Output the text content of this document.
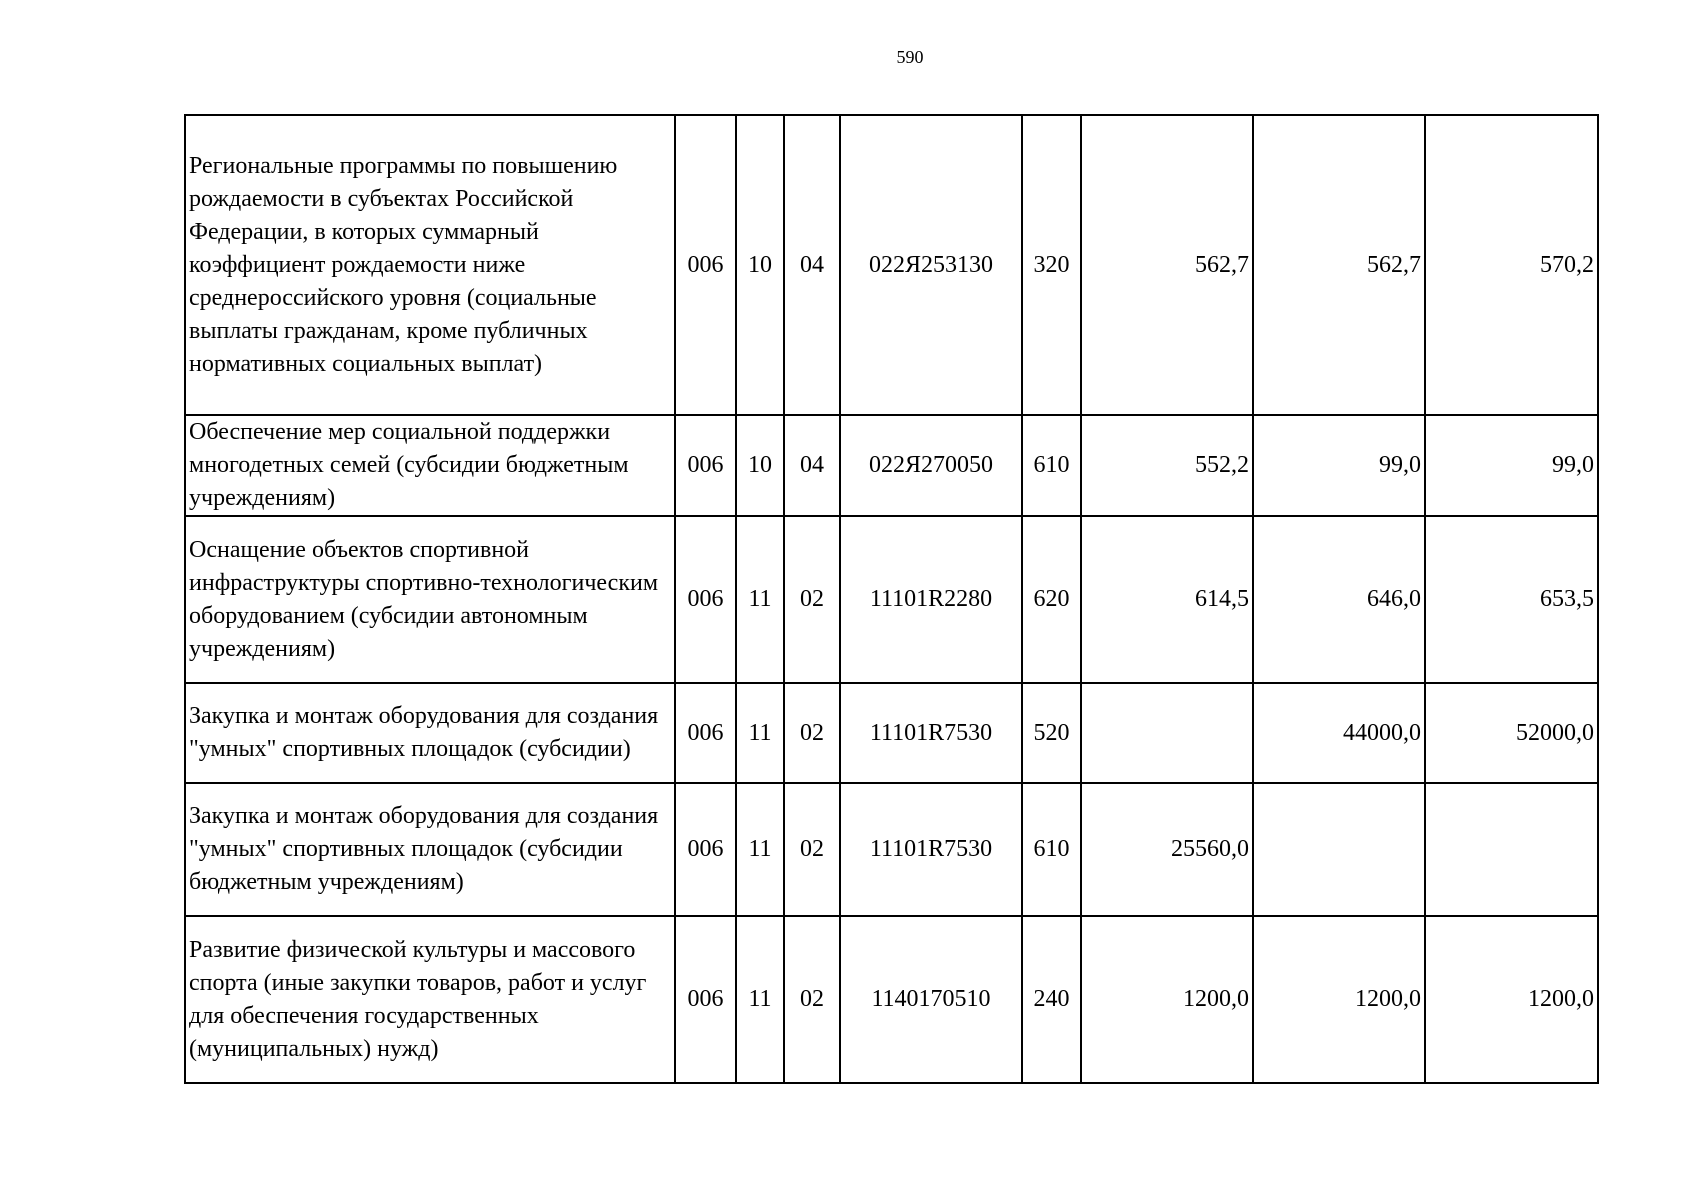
590
Региональные программы по повышению рождаемости в субъектах Российской Федерации, в которых суммарный коэффициент рождаемости ниже среднероссийского уровня (социальные выплаты гражданам, кроме публичных нормативных социальных выплат)	006	10	04	022Я253130	320	562,7	562,7	570,2
Обеспечение мер социальной поддержки многодетных семей (субсидии бюджетным учреждениям)	006	10	04	022Я270050	610	552,2	99,0	99,0
Оснащение объектов спортивной инфраструктуры спортивно-технологическим оборудованием (субсидии автономным учреждениям)	006	11	02	11101R2280	620	614,5	646,0	653,5
Закупка и монтаж оборудования для создания "умных" спортивных площадок (субсидии)	006	11	02	11101R7530	520		44000,0	52000,0
Закупка и монтаж оборудования для создания "умных" спортивных площадок (субсидии бюджетным учреждениям)	006	11	02	11101R7530	610	25560,0		
Развитие физической культуры и массового спорта (иные закупки товаров, работ и услуг для обеспечения государственных (муниципальных) нужд)	006	11	02	1140170510	240	1200,0	1200,0	1200,0
